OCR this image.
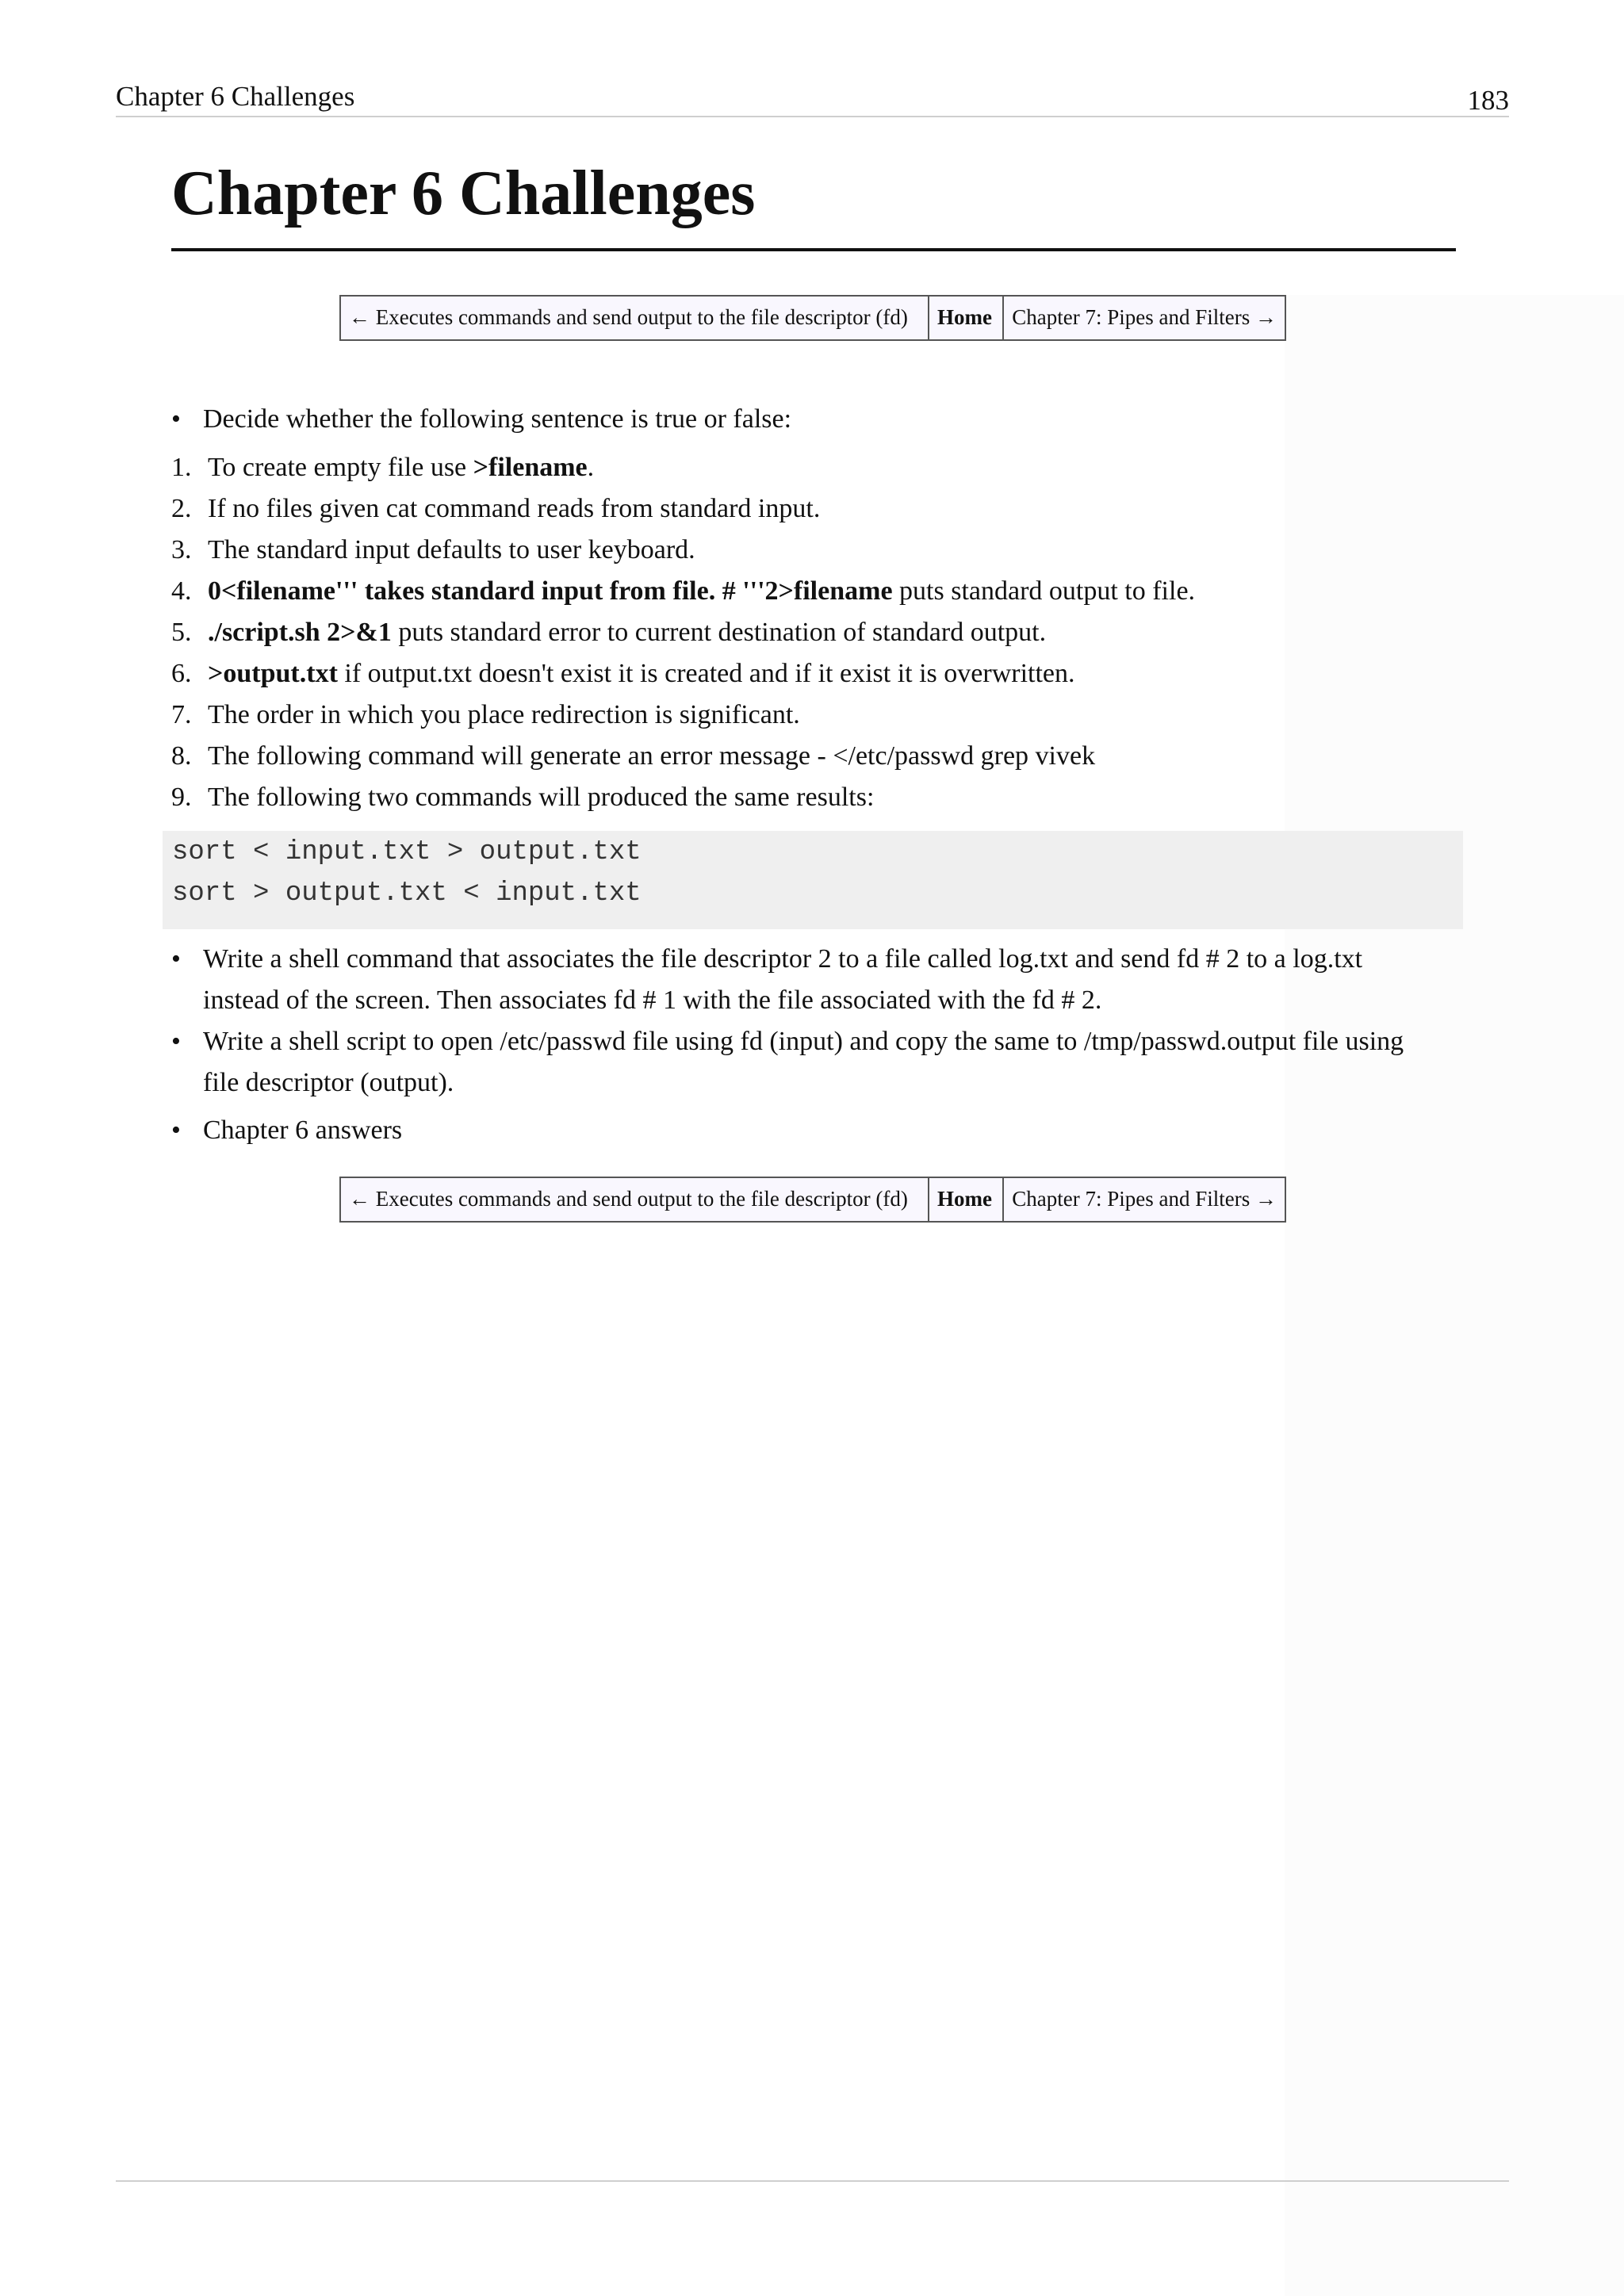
Chapter 6 Challenges	183
Chapter 6 Challenges
← Executes commands and send output to the file descriptor (fd)	Home	Chapter 7: Pipes and Filters →
• Decide whether the following sentence is true or false:
1. To create empty file use >filename.
2. If no files given cat command reads from standard input.
3. The standard input defaults to user keyboard.
4. 0<filename''' takes standard input from file. # '''2>filename puts standard output to file.
5. ./script.sh 2>&1 puts standard error to current destination of standard output.
6. >output.txt if output.txt doesn't exist it is created and if it exist it is overwritten.
7. The order in which you place redirection is significant.
8. The following command will generate an error message - </etc/passwd grep vivek
9. The following two commands will produced the same results:
sort < input.txt > output.txt
sort > output.txt < input.txt
• Write a shell command that associates the file descriptor 2 to a file called log.txt and send fd # 2 to a log.txt
instead of the screen. Then associates fd # 1 with the file associated with the fd # 2.
• Write a shell script to open /etc/passwd file using fd (input) and copy the same to /tmp/passwd.output file using
file descriptor (output).
• Chapter 6 answers
← Executes commands and send output to the file descriptor (fd)	Home	Chapter 7: Pipes and Filters →
